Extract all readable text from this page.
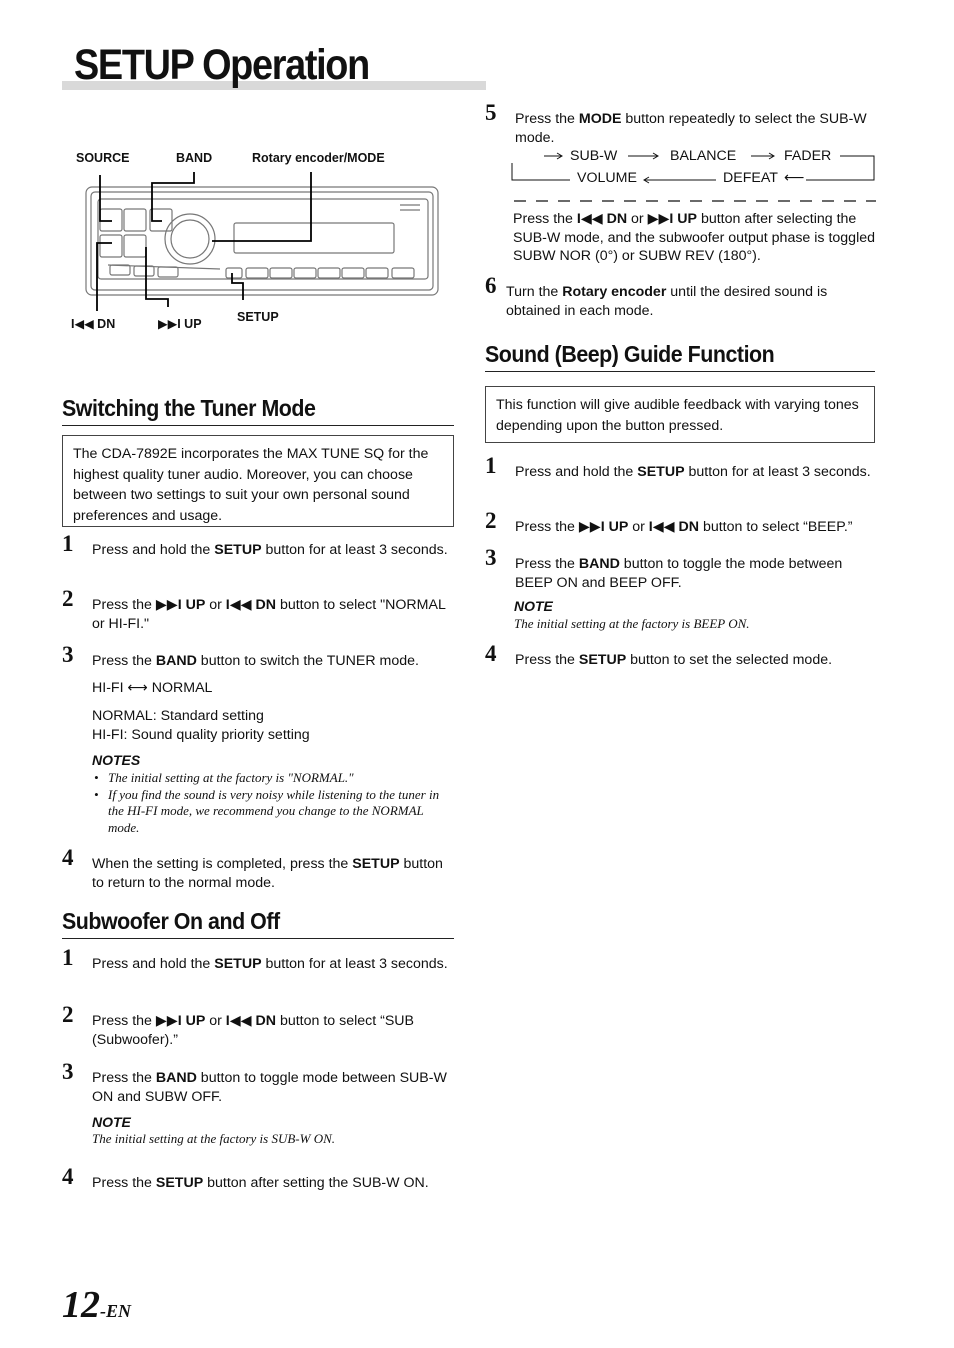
SETUP Operation
SOURCE	BAND	Rotary encoder/MODE
I◀◀ DN	▶▶I UP	SETUP
Switching the Tuner Mode
The CDA-7892E incorporates the MAX TUNE SQ for the highest quality tuner audio. Moreover, you can choose between two settings to suit your own personal sound preferences and usage.
1 Press and hold the SETUP button for at least 3 seconds.
2 Press the ▶▶I UP or I◀◀ DN button to select "NORMAL or HI-FI."
3 Press the BAND button to switch the TUNER mode.
HI-FI ⟷ NORMAL
NORMAL: Standard setting
HI-FI: Sound quality priority setting
NOTES
• The initial setting at the factory is "NORMAL."
• If you find the sound is very noisy while listening to the tuner in the HI-FI mode, we recommend you change to the NORMAL mode.
4 When the setting is completed, press the SETUP button to return to the normal mode.
Subwoofer On and Off
1 Press and hold the SETUP button for at least 3 seconds.
2 Press the ▶▶I UP or I◀◀ DN button to select “SUB (Subwoofer).”
3 Press the BAND button to toggle mode between SUB-W ON and SUBW OFF.
NOTE
The initial setting at the factory is SUB-W ON.
4 Press the SETUP button after setting the SUB-W ON.
5 Press the MODE button repeatedly to select the SUB-W mode.
SUB-W	BALANCE	FADER
VOLUME	DEFEAT ⟵
Press the I◀◀ DN or ▶▶I UP button after selecting the SUB-W mode, and the subwoofer output phase is toggled SUBW NOR (0°) or SUBW REV (180°).
6 Turn the Rotary encoder until the desired sound is obtained in each mode.
Sound (Beep) Guide Function
This function will give audible feedback with varying tones depending upon the button pressed.
1 Press and hold the SETUP button for at least 3 seconds.
2 Press the ▶▶I UP or I◀◀ DN button to select “BEEP.”
3 Press the BAND button to toggle the mode between BEEP ON and BEEP OFF.
NOTE
The initial setting at the factory is BEEP ON.
4 Press the SETUP button to set the selected mode.
12-EN
